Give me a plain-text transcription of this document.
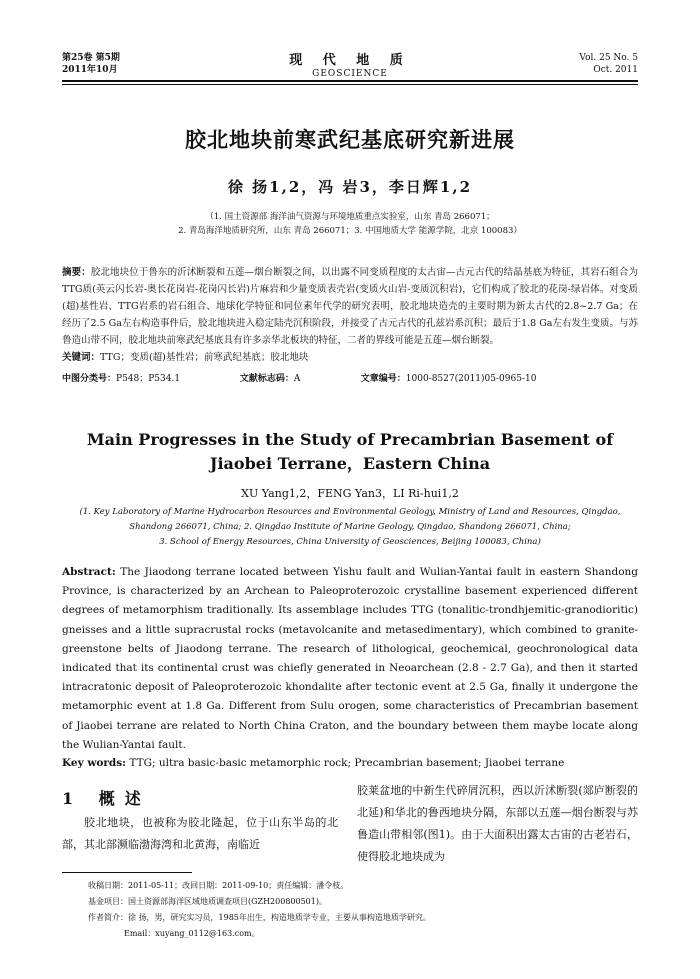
第25卷 第5期
2011年10月
现 代 地 质
GEOSCIENCE
Vol. 25 No. 5
Oct. 2011
胶北地块前寒武纪基底研究新进展
徐 扬1,2，冯 岩3，李日辉1,2
（1. 国土资源部 海洋油气资源与环境地质重点实验室，山东 青岛 266071；
2. 青岛海洋地质研究所，山东 青岛 266071；3. 中国地质大学 能源学院，北京 100083）
摘要：胶北地块位于鲁东的沂沭断裂和五莲—烟台断裂之间，以出露不同变质程度的太古宙—古元古代的结晶基底为特征，其岩石组合为TTG质(英云闪长岩-奥长花岗岩-花岗闪长岩)片麻岩和少量变质表壳岩(变质火山岩-变质沉积岩)，它们构成了胶北的花岗-绿岩体。对变质(超)基性岩、TTG岩系的岩石组合、地球化学特征和同位素年代学的研究表明，胶北地块造壳的主要时期为新太古代的2.8~2.7 Ga；在经历了2.5 Ga左右构造事件后，胶北地块进入稳定陆壳沉积阶段，并接受了古元古代的孔兹岩系沉积；最后于1.8 Ga左右发生变质。与苏鲁造山带不同，胶北地块前寒武纪基底具有许多亲华北板块的特征，二者的界线可能是五莲—烟台断裂。
关键词：TTG；变质(超)基性岩；前寒武纪基底；胶北地块
中图分类号：P548；P534.1	文献标志码：A	文章编号：1000-8527(2011)05-0965-10
Main Progresses in the Study of Precambrian Basement of
Jiaobei Terrane，Eastern China
XU Yang1,2，FENG Yan3，LI Ri-hui1,2
(1. Key Laboratory of Marine Hydrocarbon Resources and Environmental Geology, Ministry of Land and Resources, Qingdao,
Shandong 266071, China; 2. Qingdao Institute of Marine Geology, Qingdao, Shandong 266071, China;
3. School of Energy Resources, China University of Geosciences, Beijing 100083, China)
Abstract: The Jiaodong terrane located between Yishu fault and Wulian-Yantai fault in eastern Shandong Province, is characterized by an Archean to Paleoproterozoic crystalline basement experienced different degrees of metamorphism traditionally. Its assemblage includes TTG (tonalitic-trondhjemitic-granodioritic) gneisses and a little supracrustal rocks (metavolcanite and metasedimentary), which combined to granite-greenstone belts of Jiaodong terrane. The research of lithological, geochemical, geochronological data indicated that its continental crust was chiefly generated in Neoarchean (2.8 - 2.7 Ga), and then it started intracratonic deposit of Paleoproterozoic khondalite after tectonic event at 2.5 Ga, finally it undergone the metamorphic event at 1.8 Ga. Different from Sulu orogen, some characteristics of Precambrian basement of Jiaobei terrane are related to North China Craton, and the boundary between them maybe locate along the Wulian-Yantai fault.
Key words: TTG; ultra basic-basic metamorphic rock; Precambrian basement; Jiaobei terrane
1 概述
胶北地块，也被称为胶北隆起，位于山东半岛的北部，其北部濒临渤海湾和北黄海，南临近
胶莱盆地的中新生代碎屑沉积，西以沂沭断裂(郯庐断裂的北延)和华北的鲁西地块分隔，东部以五莲—烟台断裂与苏鲁造山带相邻(图1)。由于大面积出露太古宙的古老岩石，使得胶北地块成为
收稿日期：2011-05-11；改回日期：2011-09-10；责任编辑：潘令枝。
基金项目：国土资源部海洋区域地质调查项目(GZH200800501)。
作者简介：徐 扬，男，研究实习员，1985年出生，构造地质学专业，主要从事构造地质学研究。
Email：xuyang_0112@163.com。
